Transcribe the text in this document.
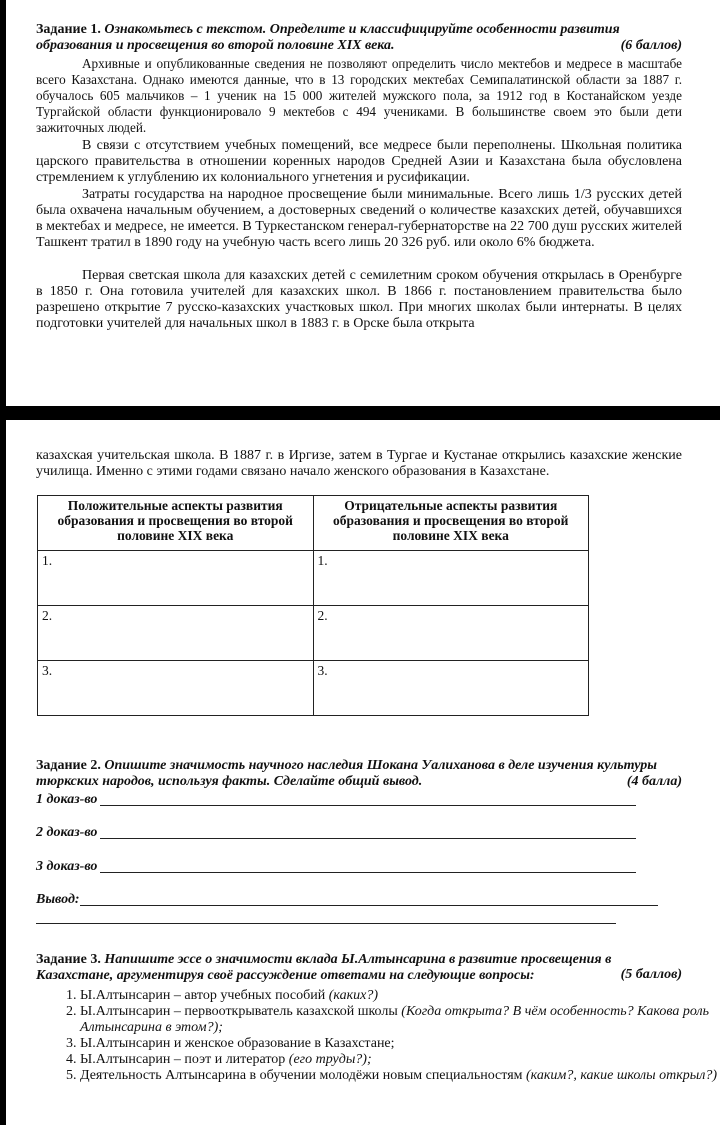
Задание 1. Ознакомьтесь с текстом. Определите и классифицируйте особенности развития образования и просвещения во второй половине XIX века.	(6 баллов)

Архивные и опубликованные сведения не позволяют определить число мектебов и медресе в масштабе всего Казахстана. Однако имеются данные, что в 13 городских мектебах Семипалатинской области за 1887 г. обучалось 605 мальчиков – 1 ученик на 15 000 жителей мужского пола, за 1912 год в Костанайском уезде Тургайской области функционировало 9 мектебов с 494 учениками. В большинстве своем это были дети зажиточных людей.

В связи с отсутствием учебных помещений, все медресе были переполнены. Школьная политика царского правительства в отношении коренных народов Средней Азии и Казахстана была обусловлена стремлением к углублению их колониального угнетения и русификации.

Затраты государства на народное просвещение были минимальные. Всего лишь 1/3 русских детей была охвачена начальным обучением, а достоверных сведений о количестве казахских детей, обучавшихся в мектебах и медресе, не имеется. В Туркестанском генерал-губернаторстве на 22 700 душ русских жителей Ташкент тратил в 1890 году на учебную часть всего лишь 20 326 руб. или около 6% бюджета.

Первая светская школа для казахских детей с семилетним сроком обучения открылась в Оренбурге в 1850 г. Она готовила учителей для казахских школ. В 1866 г. постановлением правительства было разрешено открытие 7 русско-казахских участковых школ. При многих школах были интернаты. В целях подготовки учителей для начальных школ в 1883 г. в Орске была открыта

казахская учительская школа. В 1887 г. в Иргизе, затем в Тургае и Кустанае открылись казахские женские училища. Именно с этими годами связано начало женского образования в Казахстане.

Положительные аспекты развития образования и просвещения во второй половине XIX века	Отрицательные аспекты развития образования и просвещения во второй половине XIX века
1.	1.
2.	2.
3.	3.

Задание 2. Опишите значимость научного наследия Шокана Уалиханова в деле изучения культуры тюркских народов, используя факты. Сделайте общий вывод.	(4 балла)

1 доказ-во
2 доказ-во
3 доказ-во
Вывод:

Задание 3. Напишите эссе о значимости вклада Ы.Алтынсарина в развитие просвещения в Казахстане, аргументируя своё рассуждение ответами на следующие вопросы:	(5 баллов)

1. Ы.Алтынсарин – автор учебных пособий (каких?)
2. Ы.Алтынсарин – первооткрыватель казахской школы (Когда открыта? В чём особенность? Какова роль Алтынсарина в этом?);
3. Ы.Алтынсарин и женское образование в Казахстане;
4. Ы.Алтынсарин – поэт и литератор (его труды?);
5. Деятельность Алтынсарина в обучении молодёжи новым специальностям (каким?, какие школы открыл?)
